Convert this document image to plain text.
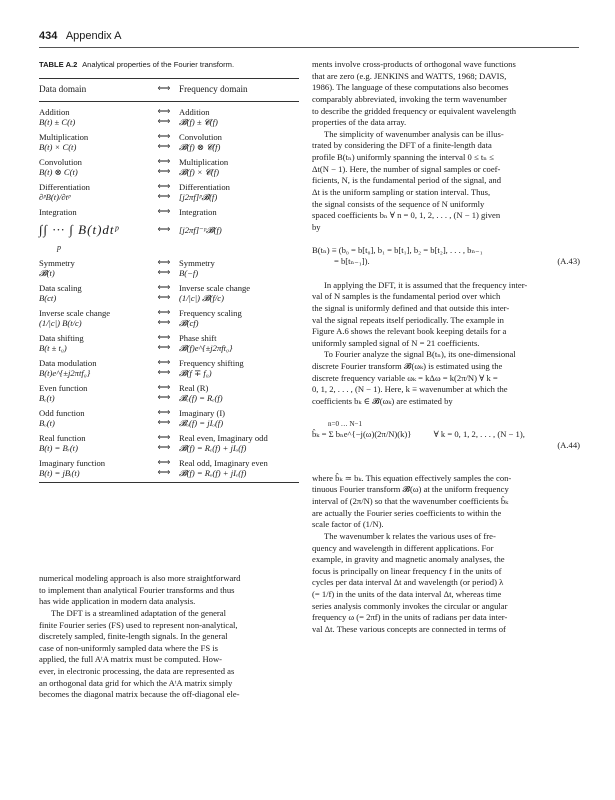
434 Appendix A
TABLE A.2 Analytical properties of the Fourier transform.
Data domain	⟺ Frequency domain
Addition	⟺ Addition
B(t) ± C(t)	⟺ 𝓑(f) ± 𝓒(f)
Multiplication	⟺ Convolution
B(t) × C(t)	⟺ 𝓑(f) ⊗ 𝓒(f)
Convolution	⟺ Multiplication
B(t) ⊗ C(t)	⟺ 𝓑(f) × 𝓒(f)
Differentiation	⟺ Differentiation
∂ᵖB(t)/∂tᵖ	⟺ [j2πf]ᵖ𝓑(f)
Integration	⟺ Integration
∫∫ ··· ∫ B(t)dtᵖ	⟺ [j2πf]⁻ᵖ𝓑(f)
p
Symmetry	⟺ Symmetry
𝓑(t)	⟺ B(−f)
Data scaling	⟺ Inverse scale change
B(ct)	⟺ (1/|c|) 𝓑(f/c)
Inverse scale change	⟺ Frequency scaling
(1/|c|) B(t/c)	⟺ 𝓑(cf)
Data shifting	⟺ Phase shift
B(t ± t₀)	⟺ 𝓑(f)e^{±j2πft₀}
Data modulation	⟺ Frequency shifting
B(t)e^{±j2πtf₀}	⟺ 𝓑(f ∓ f₀)
Even function	⟺ Real (R)
Bₑ(t)	⟺ 𝓑ₑ(f) = Rₑ(f)
Odd function	⟺ Imaginary (I)
Bₒ(t)	⟺ 𝓑ₒ(f) = jIₒ(f)
Real function	⟺ Real even, Imaginary odd
B(t) = Bᵣ(t)	⟺ 𝓑(f) = Rₑ(f) + jIₒ(f)
Imaginary function	⟺ Real odd, Imaginary even
B(t) = jBᵢ(t)	⟺ 𝓑(f) = Rₒ(f) + jIₑ(f)
numerical modeling approach is also more straightforward
to implement than analytical Fourier transforms and thus
has wide application in modern data analysis.
The DFT is a streamlined adaptation of the general
finite Fourier series (FS) used to represent non-analytical,
discretely sampled, finite-length signals. In the general
case of non-uniformly sampled data where the FS is
applied, the full AᵗA matrix must be computed. How-
ever, in electronic processing, the data are represented as
an orthogonal data grid for which the AᵗA matrix simply
becomes the diagonal matrix because the off-diagonal ele-
ments involve cross-products of orthogonal wave functions
that are zero (e.g. JENKINS and WATTS, 1968; DAVIS,
1986). The language of these computations also becomes
comparably abbreviated, invoking the term wavenumber
to describe the gridded frequency or equivalent wavelength
properties of the data array.
The simplicity of wavenumber analysis can be illus-
trated by considering the DFT of a finite-length data
profile B(tₙ) uniformly spanning the interval 0 ≤ tₙ ≤
Δt(N − 1). Here, the number of signal samples or coef-
ficients, N, is the fundamental period of the signal, and
Δt is the uniform sampling or station interval. Thus,
the signal consists of the sequence of N uniformly
spaced coefficients bₙ ∀ n = 0, 1, 2, . . . , (N − 1) given
by
B(tₙ) ≡ (b₀ = b[t₀], b₁ = b[t₁], b₂ = b[t₂], . . . , bₙ₋₁
= b[tₙ₋₁]).	(A.43)
In applying the DFT, it is assumed that the frequency inter-
val of N samples is the fundamental period over which
the signal is uniformly defined and that outside this inter-
val the signal repeats itself periodically. The example in
Figure A.6 shows the relevant book keeping details for a
uniformly sampled signal of N = 21 coefficients.
To Fourier analyze the signal B(tₙ), its one-dimensional
discrete Fourier transform 𝓑(ωₖ) is estimated using the
discrete frequency variable ωₖ = kΔω = k(2π/N) ∀ k =
0, 1, 2, . . . , (N − 1). Here, k ≡ wavenumber at which the
coefficients bₖ ∈ 𝓑(ωₖ) are estimated by
n=0 … N−1
b̂ₖ = Σ bₙe^{−j(ω)(2π/N)(k)}	∀ k = 0, 1, 2, . . . , (N − 1),
(A.44)
where b̂ₖ ≃ bₖ. This equation effectively samples the con-
tinuous Fourier transform 𝓑(ω) at the uniform frequency
interval of (2π/N) so that the wavenumber coefficients b̂ₖ
are actually the Fourier series coefficients to within the
scale factor of (1/N).
The wavenumber k relates the various uses of fre-
quency and wavelength in different applications. For
example, in gravity and magnetic anomaly analyses, the
focus is principally on linear frequency f in the units of
cycles per data interval Δt and wavelength (or period) λ
(= 1/f) in the units of the data interval Δt, whereas time
series analysis commonly invokes the circular or angular
frequency ω (= 2πf) in the units of radians per data inter-
val Δt. These various concepts are connected in terms of
